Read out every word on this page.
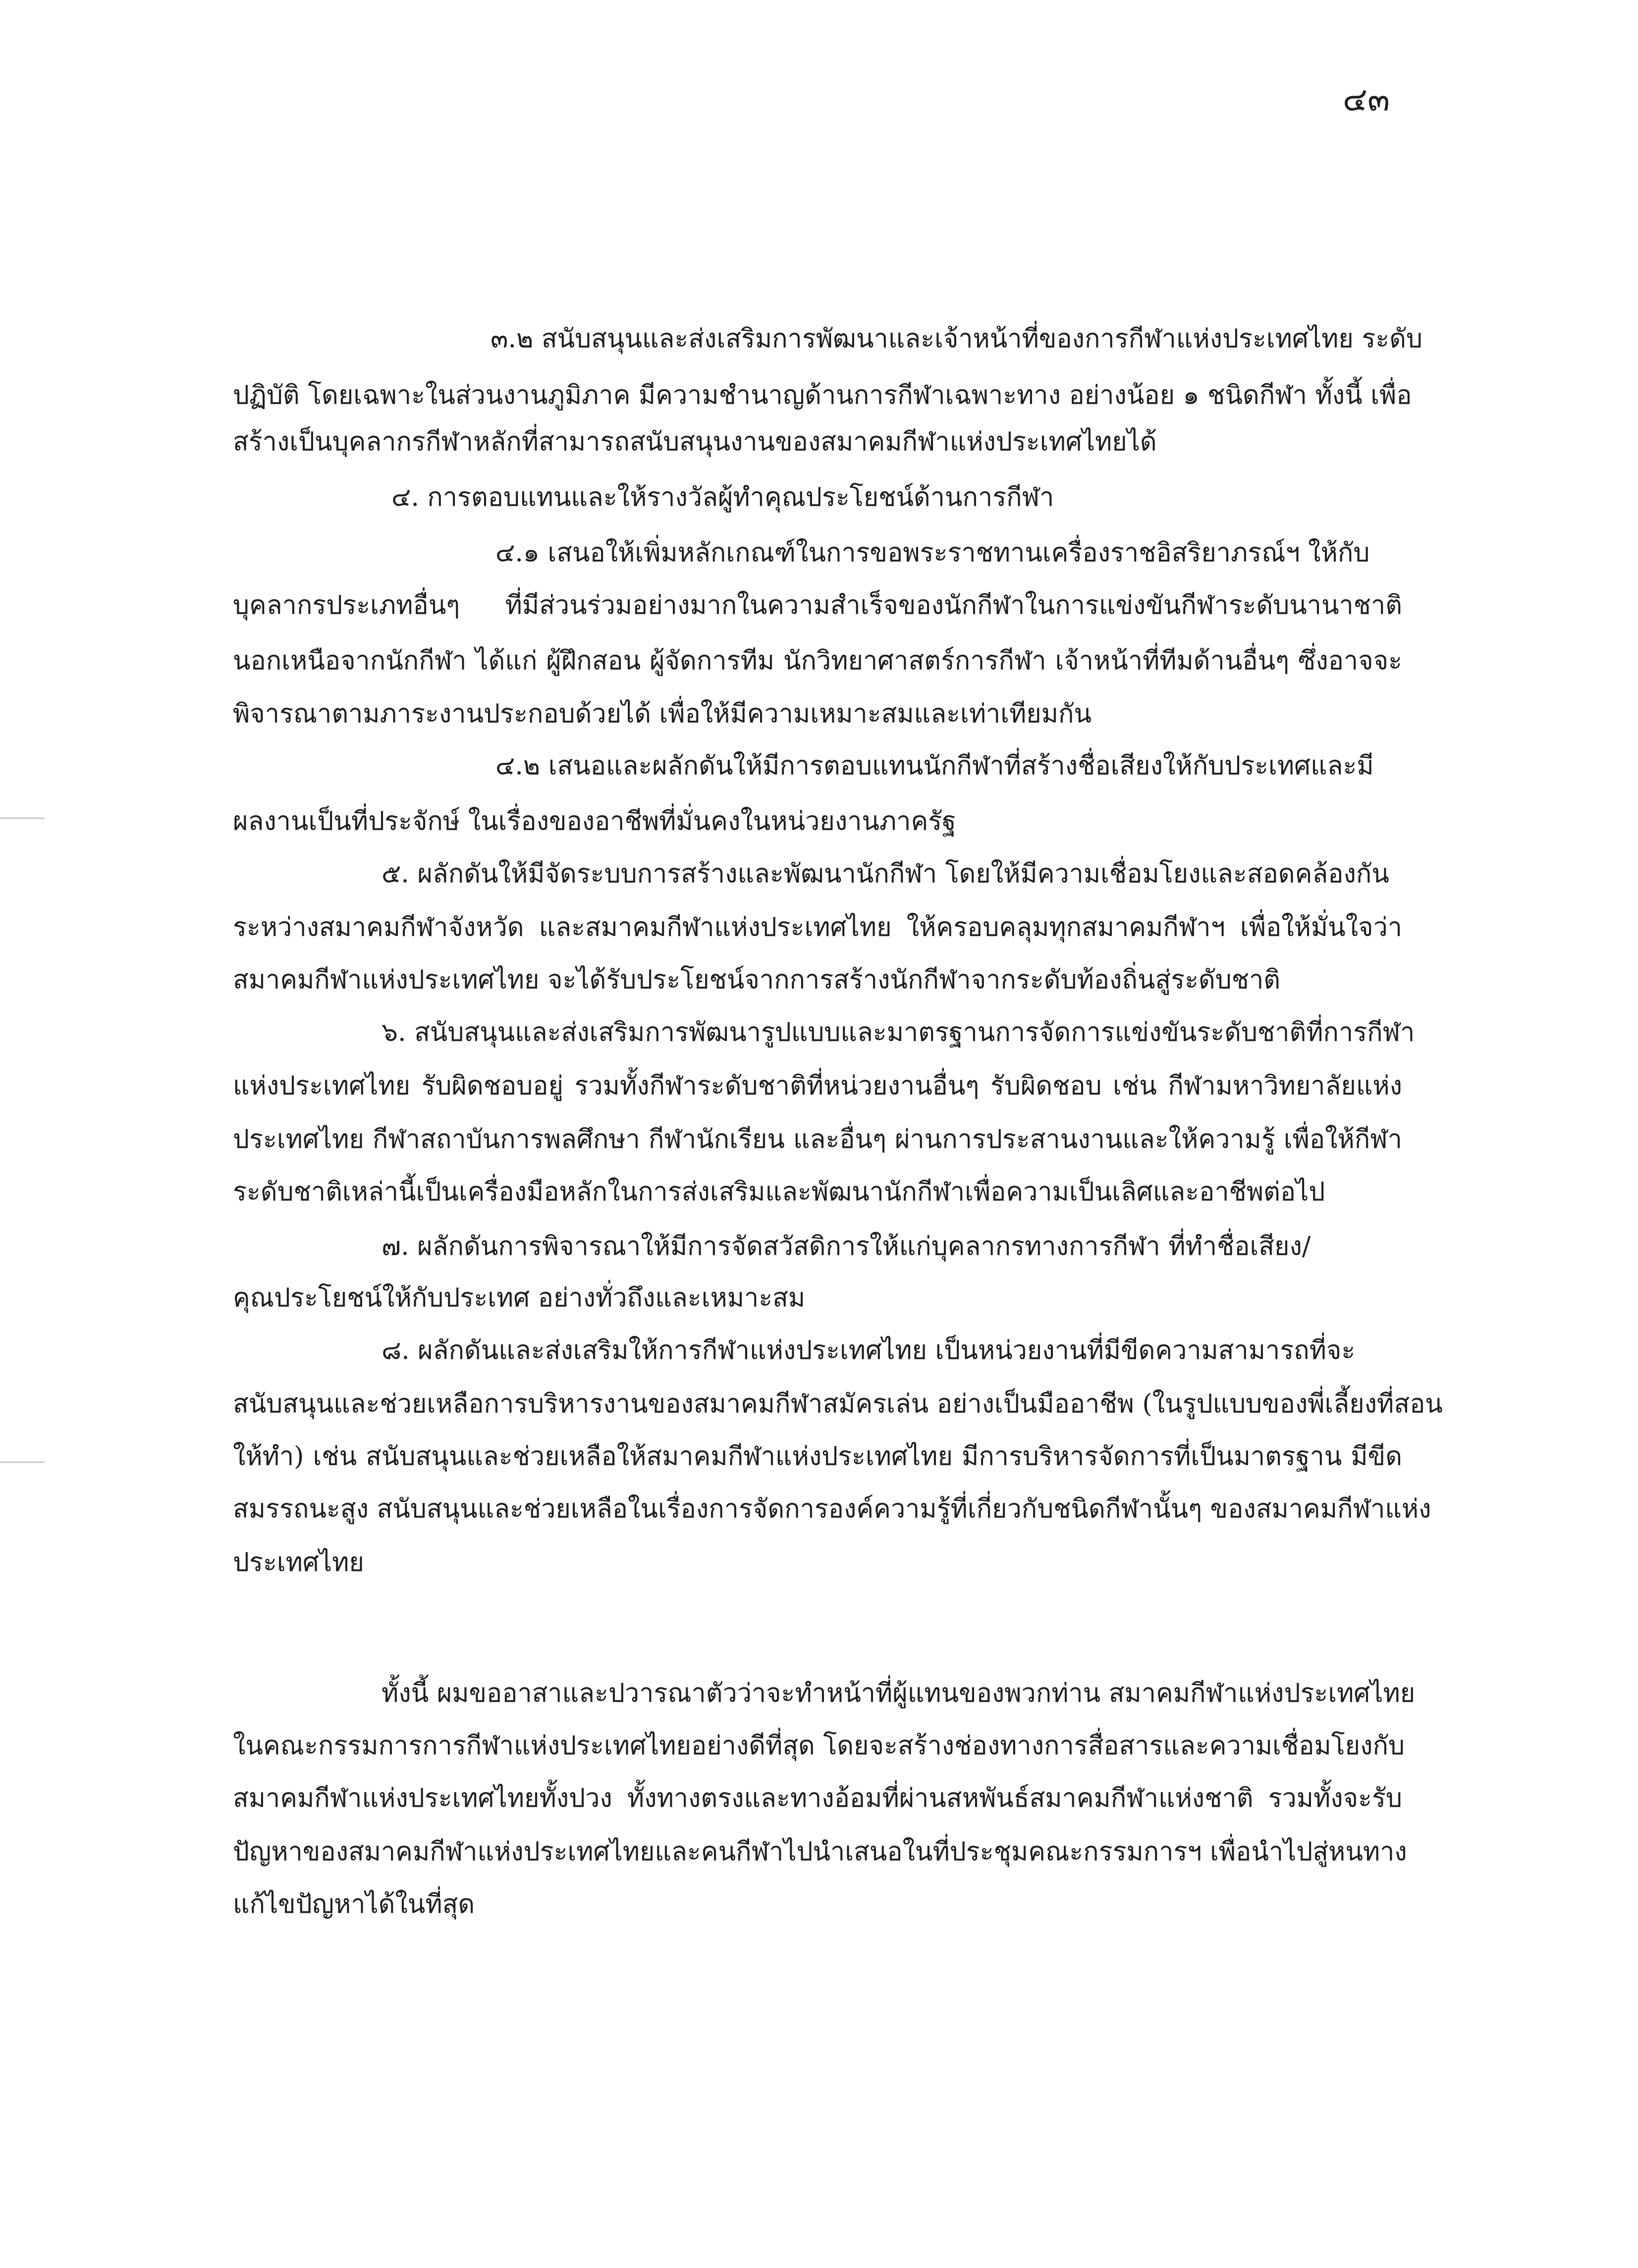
๔๓
๓.๒ สนับสนุนและส่งเสริมการพัฒนาและเจ้าหน้าที่ของการกีฬาแห่งประเทศไทย ระดับ
ปฏิบัติ โดยเฉพาะในส่วนงานภูมิภาค มีความชำนาญด้านการกีฬาเฉพาะทาง อย่างน้อย ๑ ชนิดกีฬา ทั้งนี้ เพื่อ
สร้างเป็นบุคลากรกีฬาหลักที่สามารถสนับสนุนงานของสมาคมกีฬาแห่งประเทศไทยได้
๔. การตอบแทนและให้รางวัลผู้ทำคุณประโยชน์ด้านการกีฬา
๔.๑ เสนอให้เพิ่มหลักเกณฑ์ในการขอพระราชทานเครื่องราชอิสริยาภรณ์ฯ ให้กับ
บุคลากรประเภทอื่นๆ ที่มีส่วนร่วมอย่างมากในความสำเร็จของนักกีฬาในการแข่งขันกีฬาระดับนานาชาติ
นอกเหนือจากนักกีฬา ได้แก่ ผู้ฝึกสอน ผู้จัดการทีม นักวิทยาศาสตร์การกีฬา เจ้าหน้าที่ทีมด้านอื่นๆ ซึ่งอาจจะ
พิจารณาตามภาระงานประกอบด้วยได้ เพื่อให้มีความเหมาะสมและเท่าเทียมกัน
๔.๒ เสนอและผลักดันให้มีการตอบแทนนักกีฬาที่สร้างชื่อเสียงให้กับประเทศและมี
ผลงานเป็นที่ประจักษ์ ในเรื่องของอาชีพที่มั่นคงในหน่วยงานภาครัฐ
๕. ผลักดันให้มีจัดระบบการสร้างและพัฒนานักกีฬา โดยให้มีความเชื่อมโยงและสอดคล้องกัน
ระหว่างสมาคมกีฬาจังหวัด และสมาคมกีฬาแห่งประเทศไทย ให้ครอบคลุมทุกสมาคมกีฬาฯ เพื่อให้มั่นใจว่า
สมาคมกีฬาแห่งประเทศไทย จะได้รับประโยชน์จากการสร้างนักกีฬาจากระดับท้องถิ่นสู่ระดับชาติ
๖. สนับสนุนและส่งเสริมการพัฒนารูปแบบและมาตรฐานการจัดการแข่งขันระดับชาติที่การกีฬา
แห่งประเทศไทย รับผิดชอบอยู่ รวมทั้งกีฬาระดับชาติที่หน่วยงานอื่นๆ รับผิดชอบ เช่น กีฬามหาวิทยาลัยแห่ง
ประเทศไทย กีฬาสถาบันการพลศึกษา กีฬานักเรียน และอื่นๆ ผ่านการประสานงานและให้ความรู้ เพื่อให้กีฬา
ระดับชาติเหล่านี้เป็นเครื่องมือหลักในการส่งเสริมและพัฒนานักกีฬาเพื่อความเป็นเลิศและอาชีพต่อไป
๗. ผลักดันการพิจารณาให้มีการจัดสวัสดิการให้แก่บุคลากรทางการกีฬา ที่ทำชื่อเสียง/
คุณประโยชน์ให้กับประเทศ อย่างทั่วถึงและเหมาะสม
๘. ผลักดันและส่งเสริมให้การกีฬาแห่งประเทศไทย เป็นหน่วยงานที่มีขีดความสามารถที่จะ
สนับสนุนและช่วยเหลือการบริหารงานของสมาคมกีฬาสมัครเล่น อย่างเป็นมืออาชีพ (ในรูปแบบของพี่เลี้ยงที่สอน
ให้ทำ) เช่น สนับสนุนและช่วยเหลือให้สมาคมกีฬาแห่งประเทศไทย มีการบริหารจัดการที่เป็นมาตรฐาน มีขีด
สมรรถนะสูง สนับสนุนและช่วยเหลือในเรื่องการจัดการองค์ความรู้ที่เกี่ยวกับชนิดกีฬานั้นๆ ของสมาคมกีฬาแห่ง
ประเทศไทย
ทั้งนี้ ผมขออาสาและปวารณาตัวว่าจะทำหน้าที่ผู้แทนของพวกท่าน สมาคมกีฬาแห่งประเทศไทย
ในคณะกรรมการการกีฬาแห่งประเทศไทยอย่างดีที่สุด โดยจะสร้างช่องทางการสื่อสารและความเชื่อมโยงกับ
สมาคมกีฬาแห่งประเทศไทยทั้งปวง ทั้งทางตรงและทางอ้อมที่ผ่านสหพันธ์สมาคมกีฬาแห่งชาติ รวมทั้งจะรับ
ปัญหาของสมาคมกีฬาแห่งประเทศไทยและคนกีฬาไปนำเสนอในที่ประชุมคณะกรรมการฯ เพื่อนำไปสู่หนทาง
แก้ไขปัญหาได้ในที่สุด
